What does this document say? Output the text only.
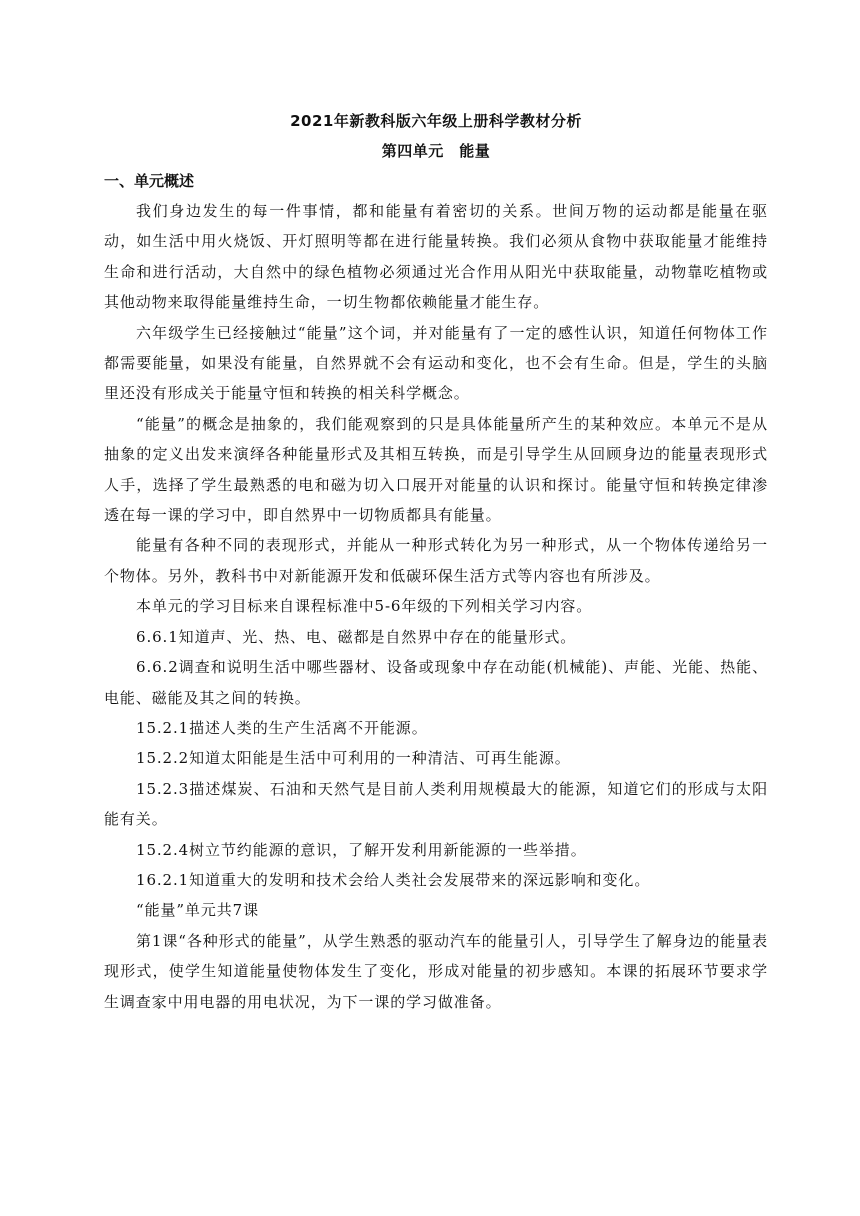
2021年新教科版六年级上册科学教材分析

第四单元　能量

一、单元概述

我们身边发生的每一件事情，都和能量有着密切的关系。世间万物的运动都是能量在驱动，如生活中用火烧饭、开灯照明等都在进行能量转换。我们必须从食物中获取能量才能维持生命和进行活动，大自然中的绿色植物必须通过光合作用从阳光中获取能量，动物靠吃植物或其他动物来取得能量维持生命，一切生物都依赖能量才能生存。

六年级学生已经接触过“能量”这个词，并对能量有了一定的感性认识，知道任何物体工作都需要能量，如果没有能量，自然界就不会有运动和变化，也不会有生命。但是，学生的头脑里还没有形成关于能量守恒和转换的相关科学概念。

“能量”的概念是抽象的，我们能观察到的只是具体能量所产生的某种效应。本单元不是从抽象的定义出发来演绎各种能量形式及其相互转换，而是引导学生从回顾身边的能量表现形式人手，选择了学生最熟悉的电和磁为切入口展开对能量的认识和探讨。能量守恒和转换定律渗透在每一课的学习中，即自然界中一切物质都具有能量。

能量有各种不同的表现形式，并能从一种形式转化为另一种形式，从一个物体传递给另一个物体。另外，教科书中对新能源开发和低碳环保生活方式等内容也有所涉及。

本单元的学习目标来自课程标准中5-6年级的下列相关学习内容。

6.6.1知道声、光、热、电、磁都是自然界中存在的能量形式。

6.6.2调查和说明生活中哪些器材、设备或现象中存在动能(机械能)、声能、光能、热能、电能、磁能及其之间的转换。

15.2.1描述人类的生产生活离不开能源。

15.2.2知道太阳能是生活中可利用的一种清洁、可再生能源。

15.2.3描述煤炭、石油和天然气是目前人类利用规模最大的能源，知道它们的形成与太阳能有关。

15.2.4树立节约能源的意识，了解开发利用新能源的一些举措。

16.2.1知道重大的发明和技术会给人类社会发展带来的深远影响和变化。

“能量”单元共7课

第1课“各种形式的能量”，从学生熟悉的驱动汽车的能量引人，引导学生了解身边的能量表现形式，使学生知道能量使物体发生了变化，形成对能量的初步感知。本课的拓展环节要求学生调查家中用电器的用电状况，为下一课的学习做准备。
